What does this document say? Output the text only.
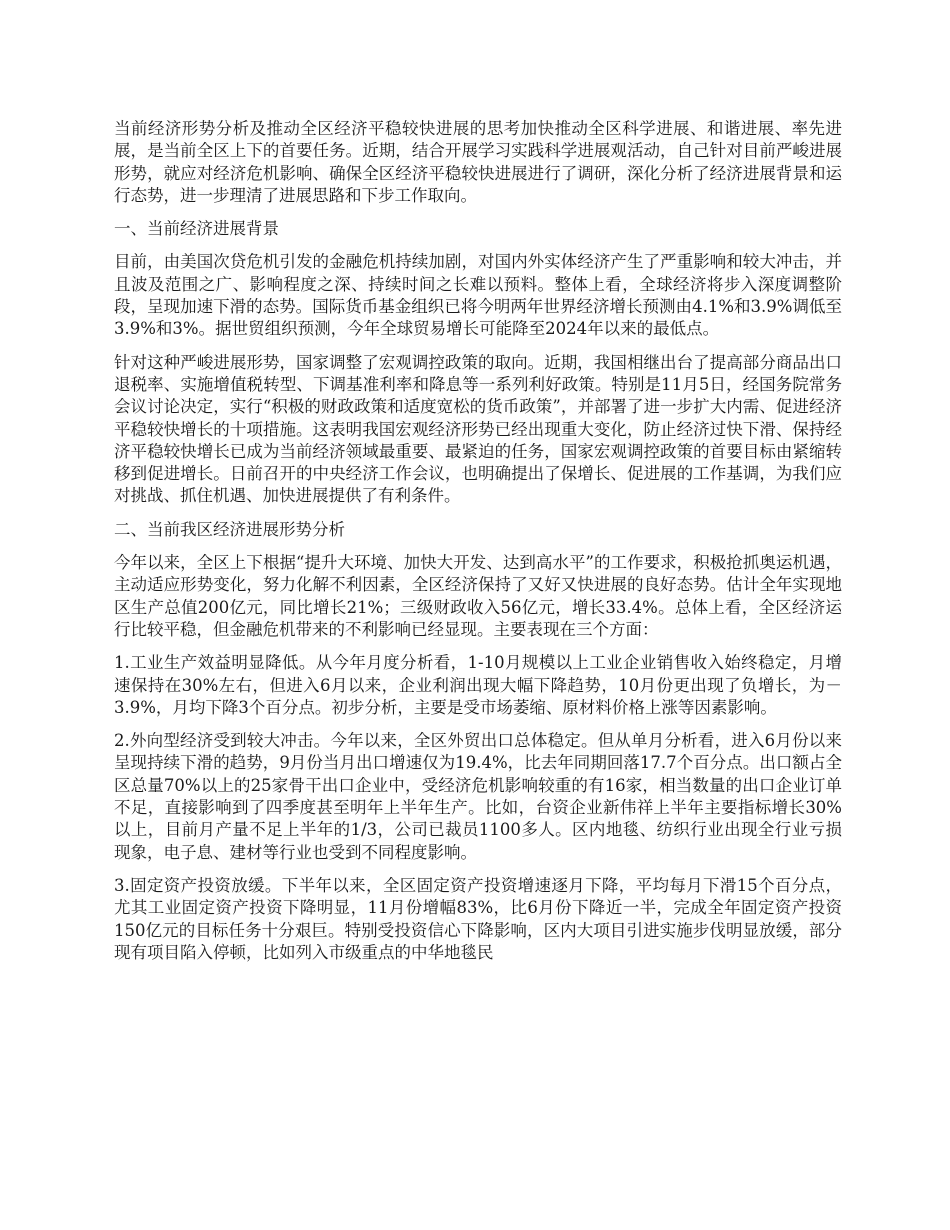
当前经济形势分析及推动全区经济平稳较快进展的思考加快推动全区科学进展、和谐进展、率先进展，是当前全区上下的首要任务。近期，结合开展学习实践科学进展观活动，自己针对目前严峻进展形势，就应对经济危机影响、确保全区经济平稳较快进展进行了调研，深化分析了经济进展背景和运行态势，进一步理清了进展思路和下步工作取向。

一、当前经济进展背景

目前，由美国次贷危机引发的金融危机持续加剧，对国内外实体经济产生了严重影响和较大冲击，并且波及范围之广、影响程度之深、持续时间之长难以预料。整体上看，全球经济将步入深度调整阶段，呈现加速下滑的态势。国际货币基金组织已将今明两年世界经济增长预测由4.1%和3.9%调低至3.9%和3%。据世贸组织预测，今年全球贸易增长可能降至2024年以来的最低点。

针对这种严峻进展形势，国家调整了宏观调控政策的取向。近期，我国相继出台了提高部分商品出口退税率、实施增值税转型、下调基准利率和降息等一系列利好政策。特别是11月5日，经国务院常务会议讨论决定，实行“积极的财政政策和适度宽松的货币政策”，并部署了进一步扩大内需、促进经济平稳较快增长的十项措施。这表明我国宏观经济形势已经出现重大变化，防止经济过快下滑、保持经济平稳较快增长已成为当前经济领域最重要、最紧迫的任务，国家宏观调控政策的首要目标由紧缩转移到促进增长。日前召开的中央经济工作会议，也明确提出了保增长、促进展的工作基调，为我们应对挑战、抓住机遇、加快进展提供了有利条件。

二、当前我区经济进展形势分析

今年以来，全区上下根据“提升大环境、加快大开发、达到高水平”的工作要求，积极抢抓奥运机遇，主动适应形势变化，努力化解不利因素，全区经济保持了又好又快进展的良好态势。估计全年实现地区生产总值200亿元，同比增长21%；三级财政收入56亿元，增长33.4%。总体上看，全区经济运行比较平稳，但金融危机带来的不利影响已经显现。主要表现在三个方面：

1.工业生产效益明显降低。从今年月度分析看，1-10月规模以上工业企业销售收入始终稳定，月增速保持在30%左右，但进入6月以来，企业利润出现大幅下降趋势，10月份更出现了负增长，为－3.9%，月均下降3个百分点。初步分析，主要是受市场萎缩、原材料价格上涨等因素影响。

2.外向型经济受到较大冲击。今年以来，全区外贸出口总体稳定。但从单月分析看，进入6月份以来呈现持续下滑的趋势，9月份当月出口增速仅为19.4%，比去年同期回落17.7个百分点。出口额占全区总量70%以上的25家骨干出口企业中，受经济危机影响较重的有16家，相当数量的出口企业订单不足，直接影响到了四季度甚至明年上半年生产。比如，台资企业新伟祥上半年主要指标增长30%以上，目前月产量不足上半年的1/3，公司已裁员1100多人。区内地毯、纺织行业出现全行业亏损现象，电子息、建材等行业也受到不同程度影响。

3.固定资产投资放缓。下半年以来，全区固定资产投资增速逐月下降，平均每月下滑15个百分点，尤其工业固定资产投资下降明显，11月份增幅83%，比6月份下降近一半，完成全年固定资产投资150亿元的目标任务十分艰巨。特别受投资信心下降影响，区内大项目引进实施步伐明显放缓，部分现有项目陷入停顿，比如列入市级重点的中华地毯民
